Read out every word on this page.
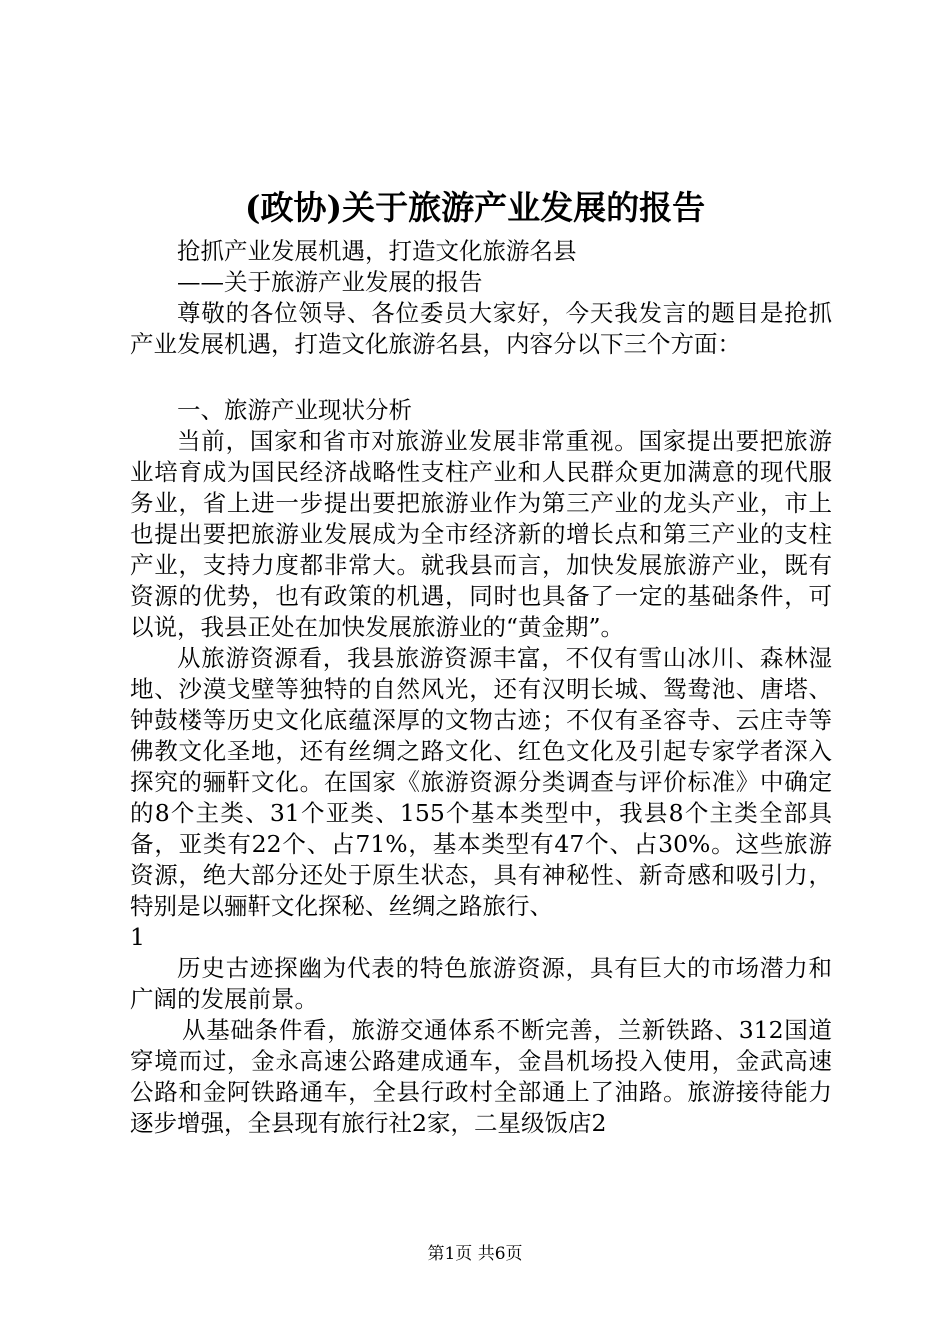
(政协)关于旅游产业发展的报告

抢抓产业发展机遇，打造文化旅游名县

——关于旅游产业发展的报告

尊敬的各位领导、各位委员大家好，今天我发言的题目是抢抓产业发展机遇，打造文化旅游名县，内容分以下三个方面：

一、旅游产业现状分析

当前，国家和省市对旅游业发展非常重视。国家提出要把旅游业培育成为国民经济战略性支柱产业和人民群众更加满意的现代服务业，省上进一步提出要把旅游业作为第三产业的龙头产业，市上也提出要把旅游业发展成为全市经济新的增长点和第三产业的支柱产业，支持力度都非常大。就我县而言，加快发展旅游产业，既有资源的优势，也有政策的机遇，同时也具备了一定的基础条件，可以说，我县正处在加快发展旅游业的“黄金期”。

从旅游资源看，我县旅游资源丰富，不仅有雪山冰川、森林湿地、沙漠戈壁等独特的自然风光，还有汉明长城、鸳鸯池、唐塔、钟鼓楼等历史文化底蕴深厚的文物古迹；不仅有圣容寺、云庄寺等佛教文化圣地，还有丝绸之路文化、红色文化及引起专家学者深入探究的骊靬文化。在国家《旅游资源分类调查与评价标准》中确定的8个主类、31个亚类、155个基本类型中，我县8个主类全部具备，亚类有22个、占71%，基本类型有47个、占30%。这些旅游资源，绝大部分还处于原生状态，具有神秘性、新奇感和吸引力，特别是以骊靬文化探秘、丝绸之路旅行、

1

历史古迹探幽为代表的特色旅游资源，具有巨大的市场潜力和广阔的发展前景。

从基础条件看，旅游交通体系不断完善，兰新铁路、312国道穿境而过，金永高速公路建成通车，金昌机场投入使用，金武高速公路和金阿铁路通车，全县行政村全部通上了油路。旅游接待能力逐步增强，全县现有旅行社2家，二星级饭店2

第1页 共6页
